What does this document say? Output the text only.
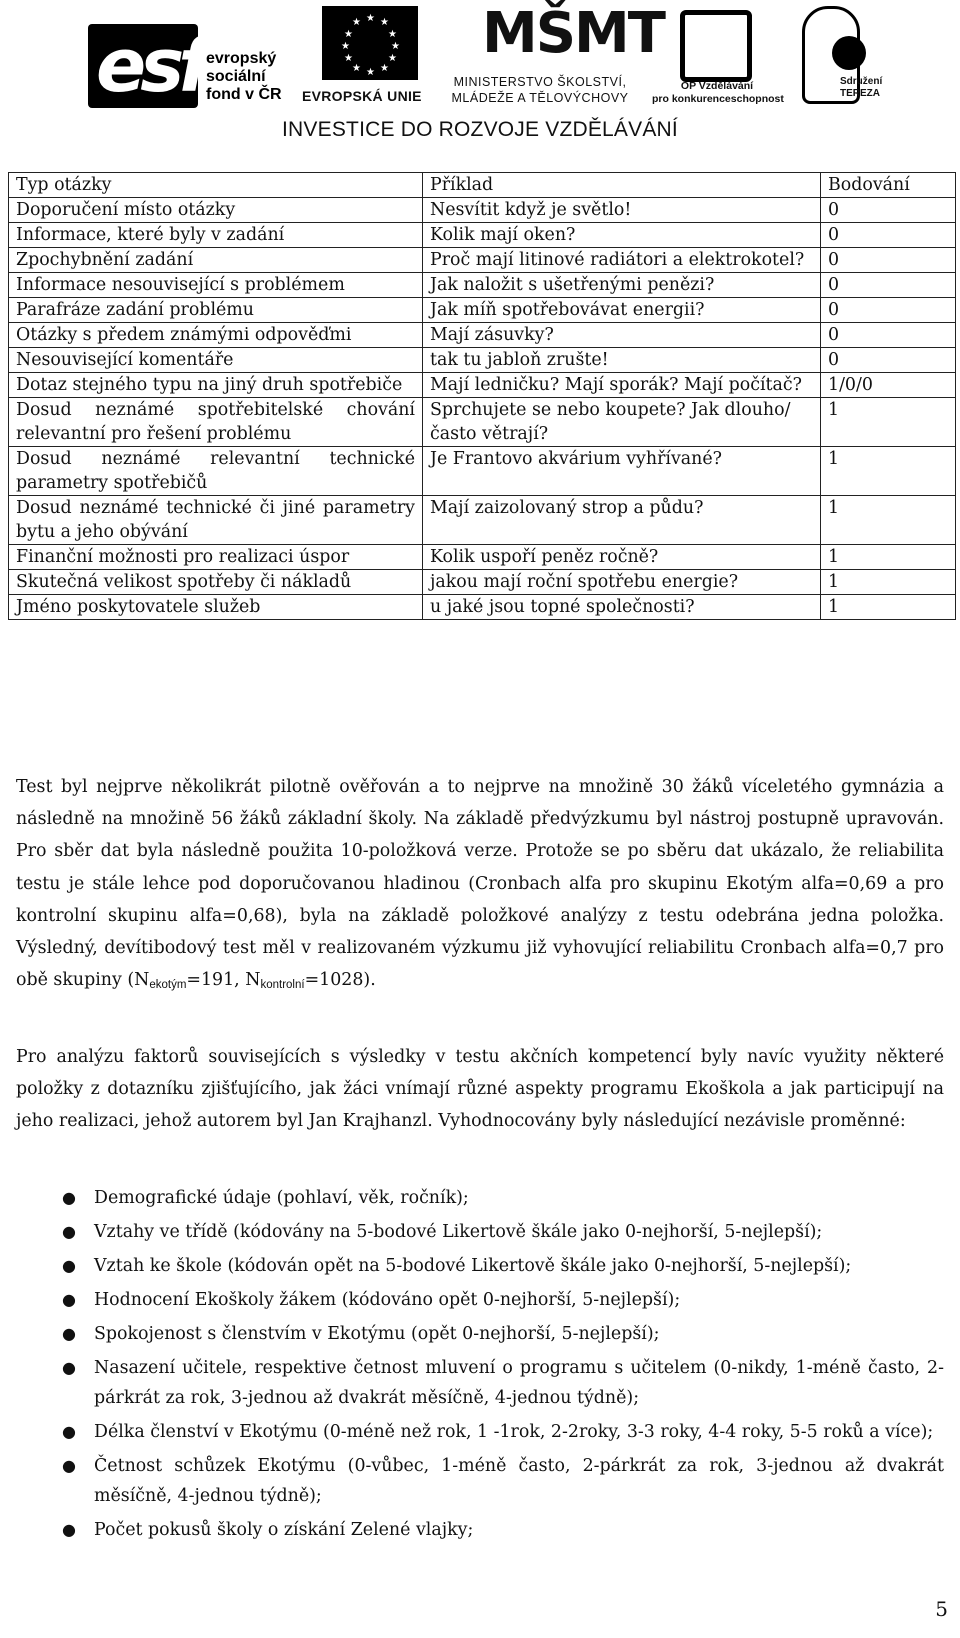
esf evropský
sociální
fond v ČR
★ ★
★
★
★
★
★
★
★
★
★
★
EVROPSKÁ UNIE
MŠMT
MINISTERSTVO ŠKOLSTVÍ,
MLÁDEŽE A TĚLOVÝCHOVY
OP Vzdělávání
pro konkurenceschopnost
Sdružení
TEREZA
INVESTICE DO ROZVOJE VZDĚLÁVÁNÍ
Typ otázky	Příklad	Bodování
Doporučení místo otázky	Nesvítit když je světlo!	0
Informace, které byly v zadání	Kolik mají oken?	0
Zpochybnění zadání	Proč mají litinové radiátori a elektrokotel?	0
Informace nesouvisející s problémem	Jak naložit s ušetřenými penězi?	0
Parafráze zadání problému	Jak míň spotřebovávat energii?	0
Otázky s předem známými odpověďmi	Mají zásuvky?	0
Nesouvisející komentáře	tak tu jabloň zrušte!	0
Dotaz stejného typu na jiný druh spotřebiče	Mají ledničku? Mají sporák? Mají počítač?	1/0/0
Dosud neznámé spotřebitelské chování relevantní pro řešení problému	Sprchujete se nebo koupete? Jak dlouho/často větrají?	1
Dosud neznámé relevantní technické parametry spotřebičů	Je Frantovo akvárium vyhřívané?	1
Dosud neznámé technické či jiné parametry bytu a jeho obývání	Mají zaizolovaný strop a půdu?	1
Finanční možnosti pro realizaci úspor	Kolik uspoří peněz ročně?	1
Skutečná velikost spotřeby či nákladů	jakou mají roční spotřebu energie?	1
Jméno poskytovatele služeb	u jaké jsou topné společnosti?	1
Test byl nejprve několikrát pilotně ověřován a to nejprve na množině 30 žáků víceletého gymnázia a následně na množině 56 žáků základní školy. Na základě předvýzkumu byl nástroj postupně upravován. Pro sběr dat byla následně použita 10-položková verze. Protože se po sběru dat ukázalo, že reliabilita testu je stále lehce pod doporučovanou hladinou (Cronbach alfa pro skupinu Ekotým alfa=0,69 a pro kontrolní skupinu alfa=0,68), byla na základě položkové analýzy z testu odebrána jedna položka. Výsledný, devítibodový test měl v realizovaném výzkumu již vyhovující reliabilitu Cronbach alfa=0,7 pro obě skupiny ($N_{ekotým}=191$, $N_{kontrolní}=1028$).
Pro analýzu faktorů souvisejících s výsledky v testu akčních kompetencí byly navíc využity některé položky z dotazníku zjišťujícího, jak žáci vnímají různé aspekty programu Ekoškola a jak participují na jeho realizaci, jehož autorem byl Jan Krajhanzl. Vyhodnocovány byly následující nezávisle proměnné:
● Demografické údaje (pohlaví, věk, ročník);
● Vztahy ve třídě (kódovány na 5-bodové Likertově škále jako 0-nejhorší, 5-nejlepší);
● Vztah ke škole (kódován opět na 5-bodové Likertově škále jako 0-nejhorší, 5-nejlepší);
● Hodnocení Ekoškoly žákem (kódováno opět 0-nejhorší, 5-nejlepší);
● Spokojenost s členstvím v Ekotýmu (opět 0-nejhorší, 5-nejlepší);
● Nasazení učitele, respektive četnost mluvení o programu s učitelem (0-nikdy, 1-méně často, 2-párkrát za rok, 3-jednou až dvakrát měsíčně, 4-jednou týdně);
● Délka členství v Ekotýmu (0-méně než rok, 1 -1rok, 2-2roky, 3-3 roky, 4-4 roky, 5-5 roků a více);
● Četnost schůzek Ekotýmu (0-vůbec, 1-méně často, 2-párkrát za rok, 3-jednou až dvakrát měsíčně, 4-jednou týdně);
● Počet pokusů školy o získání Zelené vlajky;
5
